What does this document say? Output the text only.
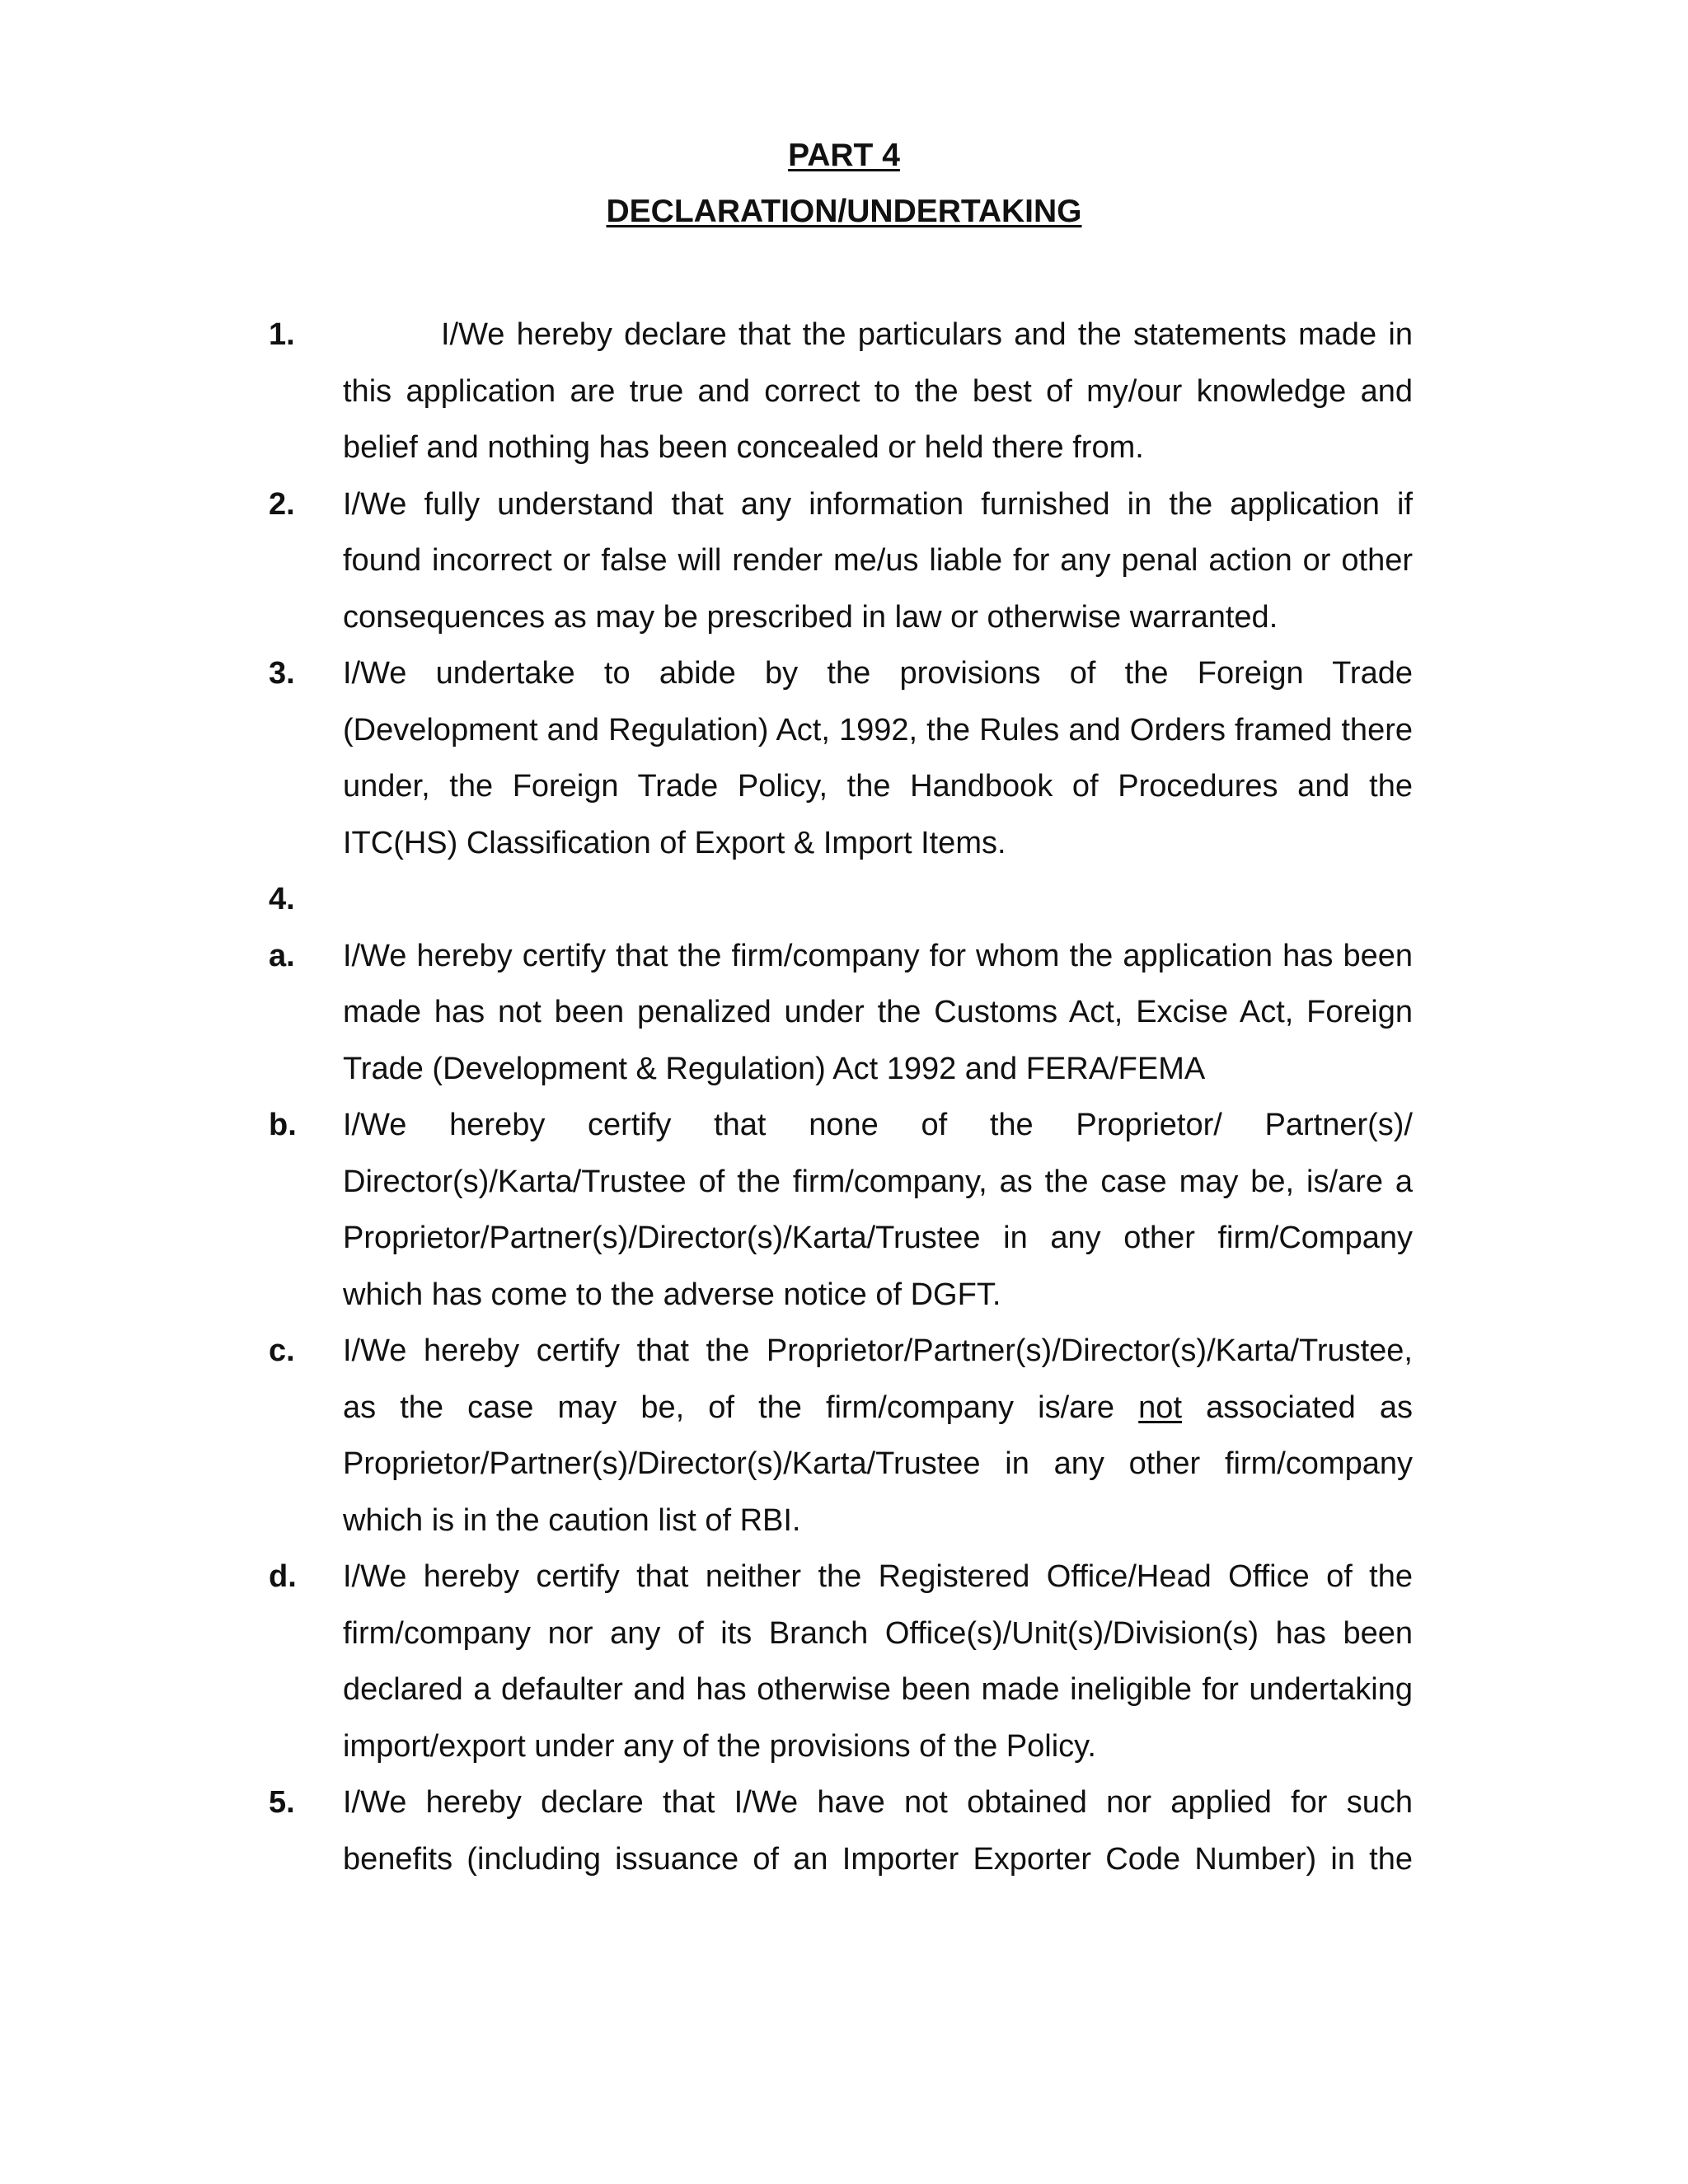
PART 4
DECLARATION/UNDERTAKING
1.	I/We hereby declare that the particulars and the statements made in this application are true and correct to the best of my/our knowledge and belief and nothing has been concealed or held there from.
2. I/We fully understand that any information furnished in the application if found incorrect or false will render me/us liable for any penal action or other consequences as may be prescribed in law or otherwise warranted.
3. I/We undertake to abide by the provisions of the Foreign Trade (Development and Regulation) Act, 1992, the Rules and Orders framed there under, the Foreign Trade Policy, the Handbook of Procedures and the ITC(HS) Classification of Export & Import Items.
4.
a. I/We hereby certify that the firm/company for whom the application has been made has not been penalized under the Customs Act, Excise Act, Foreign Trade (Development & Regulation) Act 1992 and FERA/FEMA
b. I/We hereby certify that none of the Proprietor/ Partner(s)/ Director(s)/Karta/Trustee of the firm/company, as the case may be, is/are a Proprietor/Partner(s)/Director(s)/Karta/Trustee in any other firm/Company which has come to the adverse notice of DGFT.
c. I/We hereby certify that the Proprietor/Partner(s)/Director(s)/Karta/Trustee, as the case may be, of the firm/company is/are not associated as Proprietor/Partner(s)/Director(s)/Karta/Trustee in any other firm/company which is in the caution list of RBI.
d. I/We hereby certify that neither the Registered Office/Head Office of the firm/company nor any of its Branch Office(s)/Unit(s)/Division(s) has been declared a defaulter and has otherwise been made ineligible for undertaking import/export under any of the provisions of the Policy.
5. I/We hereby declare that I/We have not obtained nor applied for such benefits (including issuance of an Importer Exporter Code Number) in the
